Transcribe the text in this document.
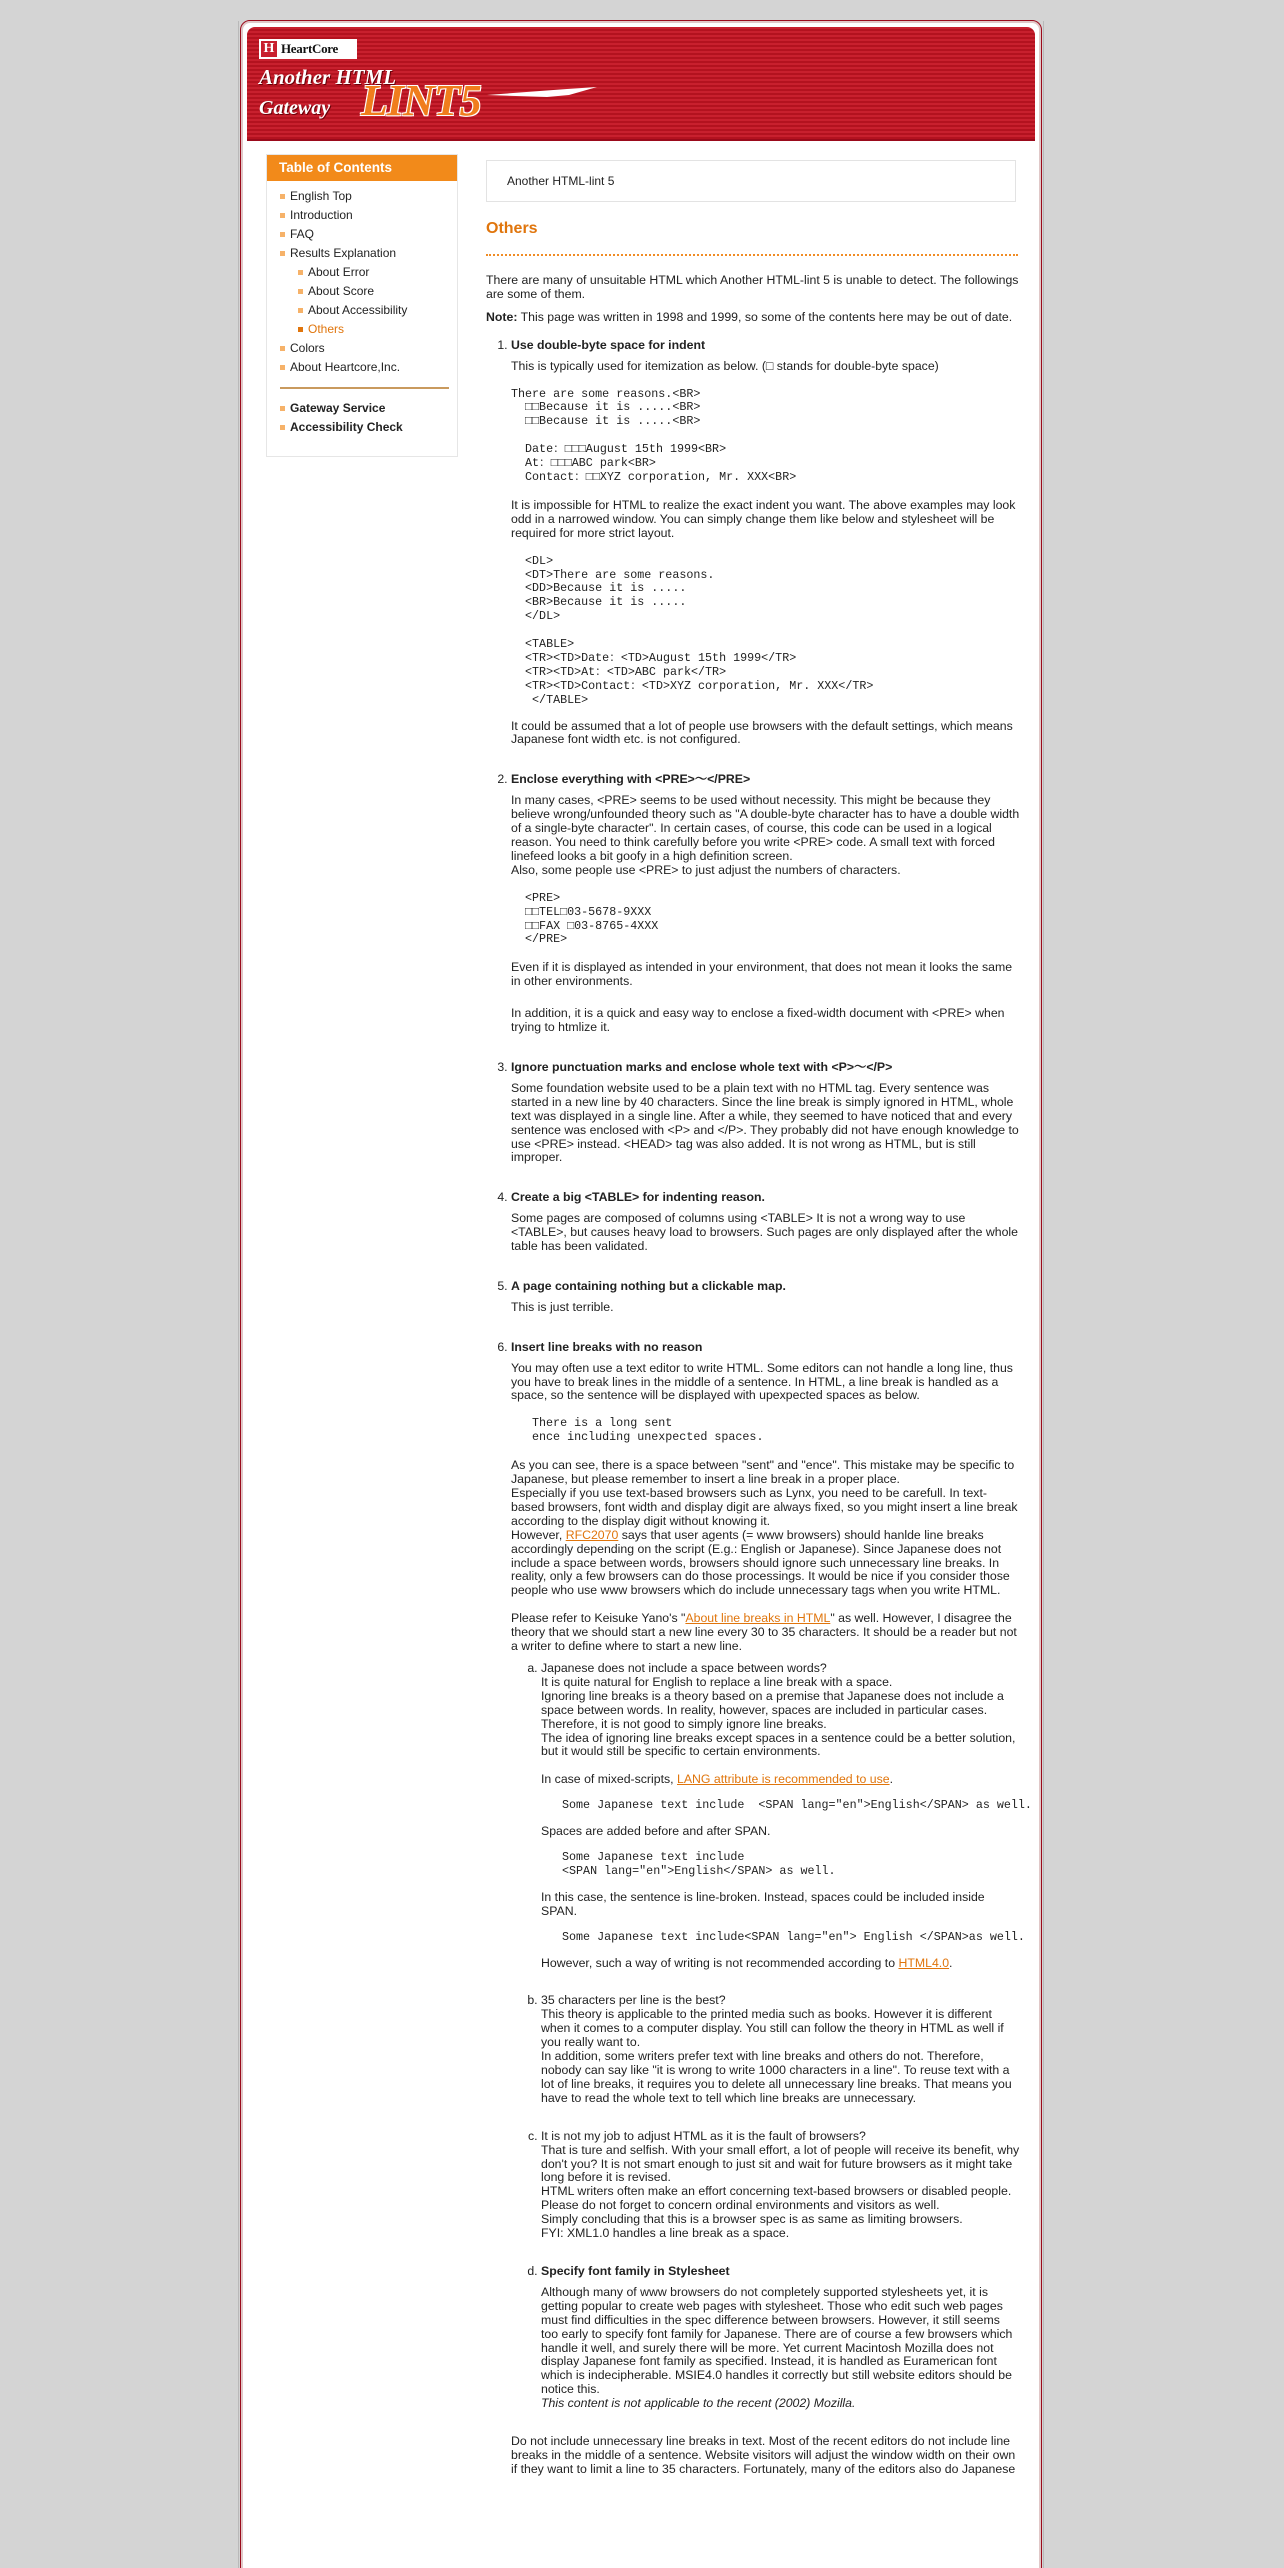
H HeartCore
Another HTML
Gateway LINT5
Table of Contents
English Top
Introduction
FAQ
Results Explanation
About Error
About Score
About Accessibility
Others
Colors
About Heartcore,Inc.
Gateway Service
Accessibility Check
Another HTML-lint 5
Others

There are many of unsuitable HTML which Another HTML-lint 5 is unable to detect. The followings are some of them.

Note: This page was written in 1998 and 1999, so some of the contents here may be out of date.

1. Use double-byte space for indent
This is typically used for itemization as below. (□ stands for double-byte space)
There are some reasons.<BR>
□□Because it is .....<BR>
□□Because it is .....<BR>

Date：□□□August 15th 1999<BR>
At：□□□ABC park<BR>
Contact：□□XYZ corporation, Mr. XXX<BR>
It is impossible for HTML to realize the exact indent you want. The above examples may look odd in a narrowed window. You can simply change them like below and stylesheet will be required for more strict layout.
<DL>
<DT>There are some reasons.
<DD>Because it is .....
<BR>Because it is .....
</DL>

<TABLE>
<TR><TD>Date：<TD>August 15th 1999</TR>
<TR><TD>At：<TD>ABC park</TR>
<TR><TD>Contact：<TD>XYZ corporation, Mr. XXX</TR>
</TABLE>
It could be assumed that a lot of people use browsers with the default settings, which means Japanese font width etc. is not configured.
2. Enclose everything with <PRE>～</PRE>
In many cases, <PRE> seems to be used without necessity. This might be because they believe wrong/unfounded theory such as "A double-byte character has to have a double width of a single-byte character". In certain cases, of course, this code can be used in a logical reason. You need to think carefully before you write <PRE> code. A small text with forced linefeed looks a bit goofy in a high definition screen.
Also, some people use <PRE> to just adjust the numbers of characters.
<PRE>
□□TEL□03-5678-9XXX
□□FAX □03-8765-4XXX
</PRE>
Even if it is displayed as intended in your environment, that does not mean it looks the same in other environments.
In addition, it is a quick and easy way to enclose a fixed-width document with <PRE> when trying to htmlize it.
3. Ignore punctuation marks and enclose whole text with <P>～</P>
Some foundation website used to be a plain text with no HTML tag. Every sentence was started in a new line by 40 characters. Since the line break is simply ignored in HTML, whole text was displayed in a single line. After a while, they seemed to have noticed that and every sentence was enclosed with <P> and </P>. They probably did not have enough knowledge to use <PRE> instead. <HEAD> tag was also added. It is not wrong as HTML, but is still improper.
4. Create a big <TABLE> for indenting reason.
Some pages are composed of columns using <TABLE> It is not a wrong way to use <TABLE>, but causes heavy load to browsers. Such pages are only displayed after the whole table has been validated.
5. A page containing nothing but a clickable map.
This is just terrible.
6. Insert line breaks with no reason
You may often use a text editor to write HTML. Some editors can not handle a long line, thus you have to break lines in the middle of a sentence. In HTML, a line break is handled as a space, so the sentence will be displayed with upexpected spaces as below.
There is a long sent
ence including unexpected spaces.
As you can see, there is a space between "sent" and "ence". This mistake may be specific to Japanese, but please remember to insert a line break in a proper place.
Especially if you use text-based browsers such as Lynx, you need to be carefull. In text-based browsers, font width and display digit are always fixed, so you might insert a line break according to the display digit without knowing it.
However, RFC2070 says that user agents (= www browsers) should hanlde line breaks accordingly depending on the script (E.g.: English or Japanese). Since Japanese does not include a space between words, browsers should ignore such unnecessary line breaks. In reality, only a few browsers can do those processings. It would be nice if you consider those people who use www browsers which do include unnecessary tags when you write HTML.
Please refer to Keisuke Yano's "About line breaks in HTML" as well. However, I disagree the theory that we should start a new line every 30 to 35 characters. It should be a reader but not a writer to define where to start a new line.
a. Japanese does not include a space between words?
It is quite natural for English to replace a line break with a space.
Ignoring line breaks is a theory based on a premise that Japanese does not include a space between words. In reality, however, spaces are included in particular cases. Therefore, it is not good to simply ignore line breaks.
The idea of ignoring line breaks except spaces in a sentence could be a better solution, but it would still be specific to certain environments.
In case of mixed-scripts, LANG attribute is recommended to use.
Some Japanese text include  <SPAN lang="en">English</SPAN> as well.
Spaces are added before and after SPAN.
Some Japanese text include
<SPAN lang="en">English</SPAN> as well.
In this case, the sentence is line-broken. Instead, spaces could be included inside SPAN.
Some Japanese text include<SPAN lang="en"> English </SPAN>as well.
However, such a way of writing is not recommended according to HTML4.0.
b. 35 characters per line is the best?
This theory is applicable to the printed media such as books. However it is different when it comes to a computer display. You still can follow the theory in HTML as well if you really want to.
In addition, some writers prefer text with line breaks and others do not. Therefore, nobody can say like "it is wrong to write 1000 characters in a line". To reuse text with a lot of line breaks, it requires you to delete all unnecessary line breaks. That means you have to read the whole text to tell which line breaks are unnecessary.
c. It is not my job to adjust HTML as it is the fault of browsers?
That is ture and selfish. With your small effort, a lot of people will receive its benefit, why don't you? It is not smart enough to just sit and wait for future browsers as it might take long before it is revised.
HTML writers often make an effort concerning text-based browsers or disabled people. Please do not forget to concern ordinal environments and visitors as well.
Simply concluding that this is a browser spec is as same as limiting browsers.
FYI: XML1.0 handles a line break as a space.
d. Specify font family in Stylesheet
Although many of www browsers do not completely supported stylesheets yet, it is getting popular to create web pages with stylesheet. Those who edit such web pages must find difficulties in the spec difference between browsers. However, it still seems too early to specify font family for Japanese. There are of course a few browsers which handle it well, and surely there will be more. Yet current Macintosh Mozilla does not display Japanese font family as specified. Instead, it is handled as Euramerican font which is indecipherable. MSIE4.0 handles it correctly but still website editors should be notice this.
This content is not applicable to the recent (2002) Mozilla.
Do not include unnecessary line breaks in text. Most of the recent editors do not include line breaks in the middle of a sentence. Website visitors will adjust the window width on their own if they want to limit a line to 35 characters. Fortunately, many of the editors also do Japanese
